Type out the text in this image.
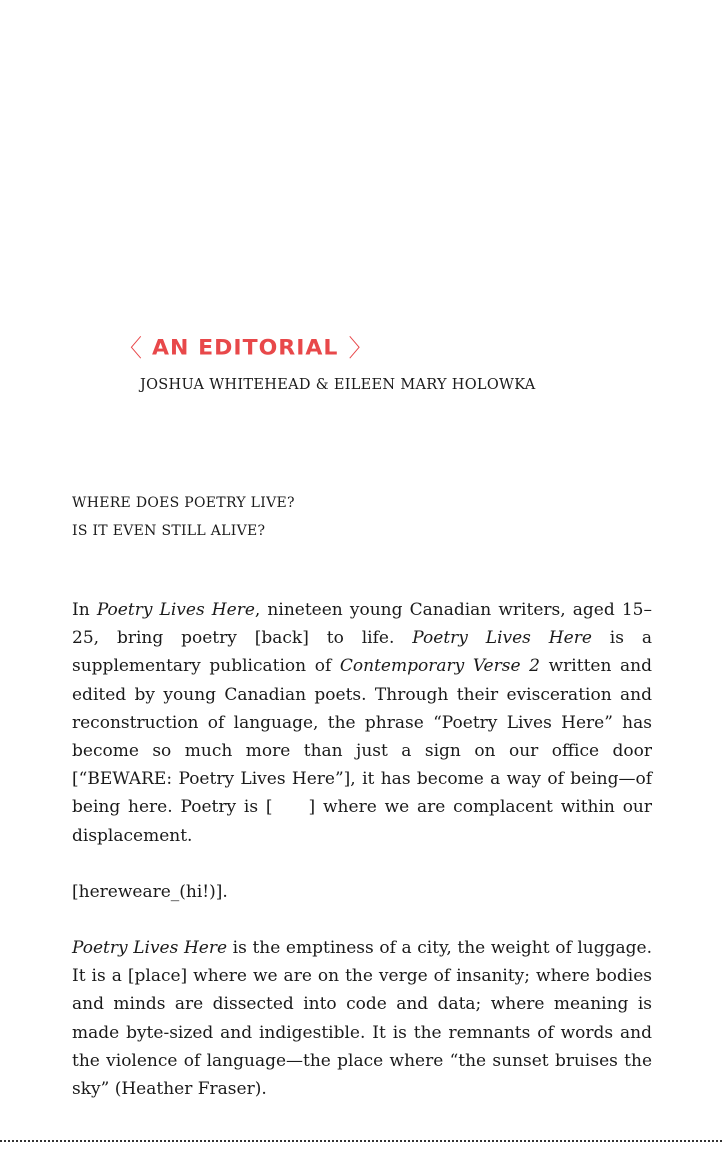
〈 AN EDITORIAL 〉
JOSHUA WHITEHEAD & EILEEN MARY HOLOWKA
WHERE DOES POETRY LIVE?
IS IT EVEN STILL ALIVE?

In Poetry Lives Here, nineteen young Canadian writers, aged 15–25, bring poetry [back] to life. Poetry Lives Here is a supplementary publication of Contemporary Verse 2 written and edited by young Canadian poets. Through their evisceration and reconstruction of language, the phrase “Poetry Lives Here” has become so much more than just a sign on our office door [“BEWARE: Poetry Lives Here”], it has become a way of being—of being here. Poetry is [ ] where we are complacent within our displacement.

[hereweare_(hi!)].

Poetry Lives Here is the emptiness of a city, the weight of luggage. It is a [place] where we are on the verge of insanity; where bodies and minds are dissected into code and data; where meaning is made byte-sized and indigestible. It is the remnants of words and the violence of language—the place where “the sunset bruises the sky” (Heather Fraser).
